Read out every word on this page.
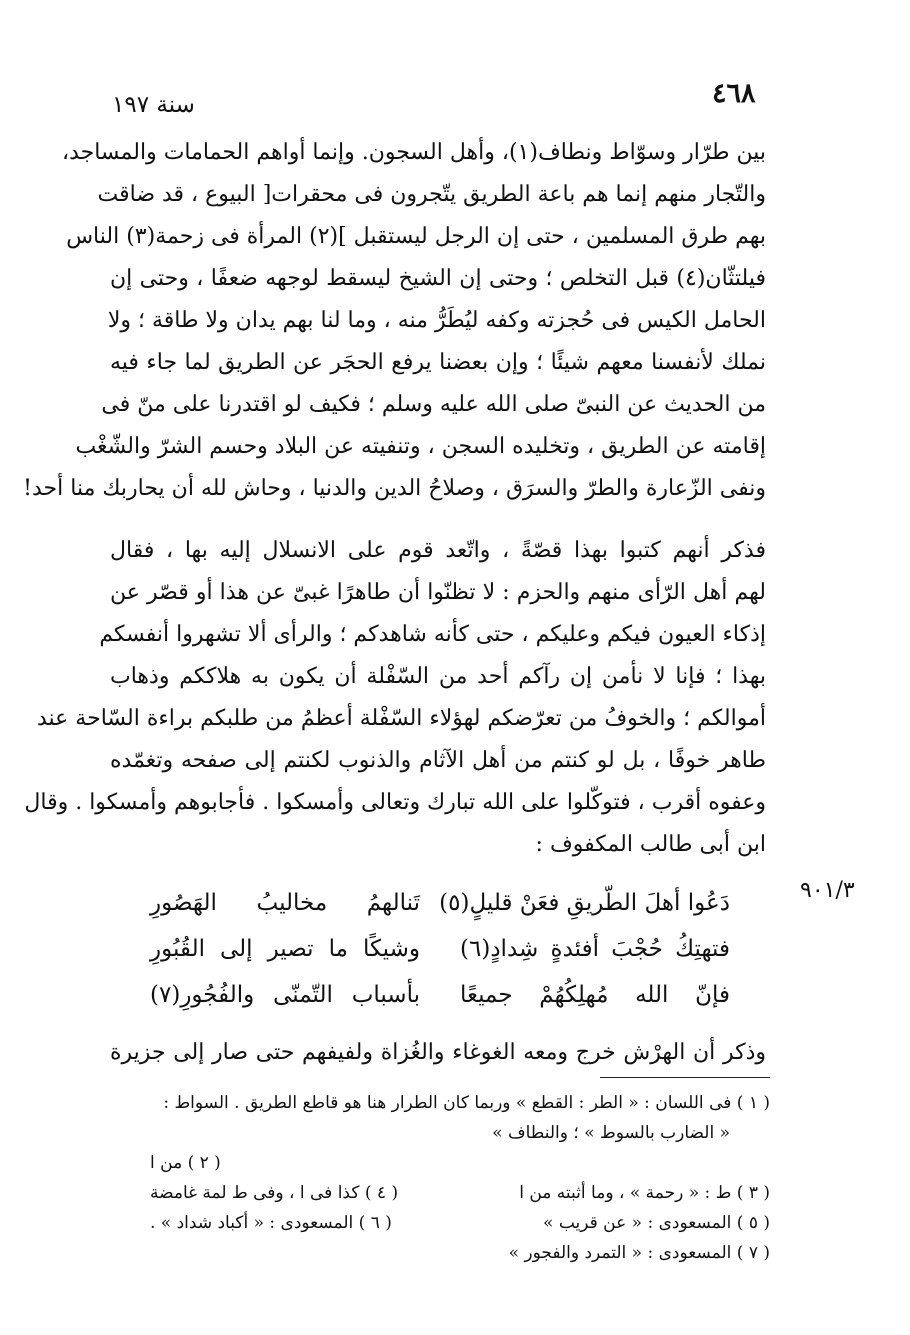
سنة ١٩٧	٤٦٨
بين طرّار وسوّاط ونطاف(١)، وأهل السجون. وإنما أواهم الحمامات والمساجد،
والتّجار منهم إنما هم باعة الطريق يتّجرون فى محقرات[ البيوع ، قد ضاقت
بهم طرق المسلمين ، حتى إن الرجل ليستقبل ](٢) المرأة فى زحمة(٣) الناس
فيلتثّان(٤) قبل التخلص ؛ وحتى إن الشيخ ليسقط لوجهه ضعفًا ، وحتى إن
الحامل الكيس فى حُجزته وكفه ليُطَرُّ منه ، وما لنا بهم يدان ولا طاقة ؛ ولا
نملك لأنفسنا معهم شيئًا ؛ وإن بعضنا يرفع الحجَر عن الطريق لما جاء فيه
من الحديث عن النبىّ صلى الله عليه وسلم ؛ فكيف لو اقتدرنا على منّ فى
إقامته عن الطريق ، وتخليده السجن ، وتنفيته عن البلاد وحسم الشرّ والشّغْب
ونفى الزّعارة والطرّ والسرَق ، وصلاحُ الدين والدنيا ، وحاش لله أن يحاربك منا أحد!
فذكر أنهم كتبوا بهذا قصّةً ، واتّعد قوم على الانسلال إليه بها ، فقال
لهم أهل الرّأى منهم والحزم : لا تظنّوا أن طاهرًا غبىّ عن هذا أو قصّر عن
إذكاء العيون فيكم وعليكم ، حتى كأنه شاهدكم ؛ والرأى ألا تشهروا أنفسكم
بهذا ؛ فإنا لا نأمن إن رآكم أحد من السّفْلة أن يكون به هلاككم وذهاب
أموالكم ؛ والخوفُ من تعرّضكم لهؤلاء السّفْلة أعظمُ من طلبكم براءة السّاحة عند
طاهر خوفًا ، بل لو كنتم من أهل الآثام والذنوب لكنتم إلى صفحه وتغمّده
وعفوه أقرب ، فتوكّلوا على الله تبارك وتعالى وأمسكوا . فأجابوهم وأمسكوا . وقال
ابن أبى طالب المكفوف :
٩٠١/٣
دَعُوا أهلَ الطّريقِ فعَنْ قليلٍ(٥)
تَنالهمُ مخاليبُ الهَصُورِ
فتهتِكُ حُجْبَ أفئدةٍ شِدادٍ(٦)
وشيكًا ما تصير إلى القُبُورِ
فإنّ الله مُهلِكُهُمْ جميعًا
بأسباب التّمنّى والفُجُورِ(٧)
وذكر أن الهرْش خرج ومعه الغوغاء والغُزاة ولفيفهم حتى صار إلى جزيرة
( ١ ) فى اللسان : « الطر : القطع » وربما كان الطرار هنا هو قاطع الطريق . السواط :
« الضارب بالسوط » ؛ والنطاف »
( ٢ ) من ا
( ٣ ) ط : « رحمة » ، وما أثبته من ا
( ٤ ) كذا فى ا ، وفى ط لمة غامضة
( ٥ ) المسعودى : « عن قريب »
( ٦ ) المسعودى : « أكباد شداد » .
( ٧ ) المسعودى : « التمرد والفجور »
